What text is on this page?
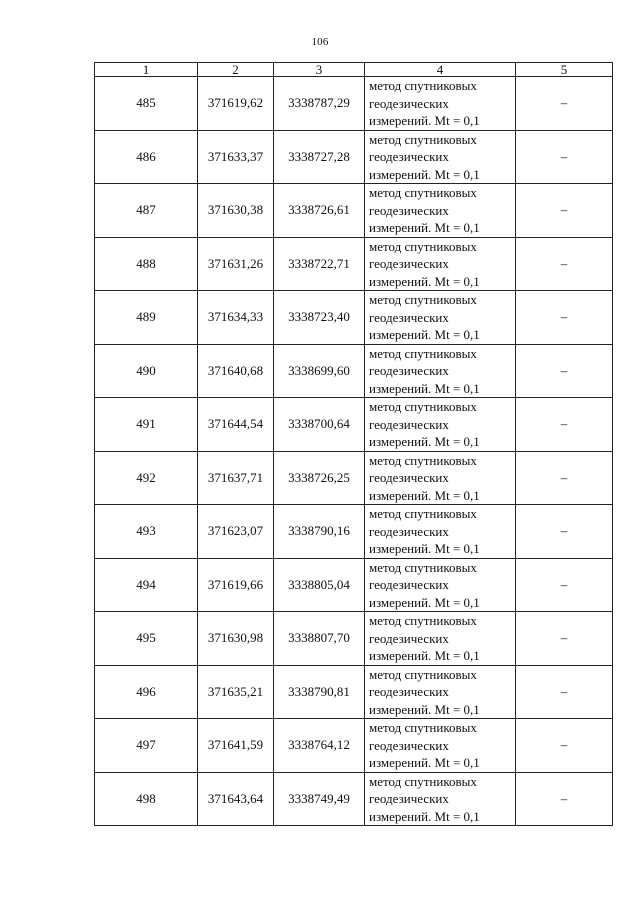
106
1	2	3	4	5
485	371619,62	3338787,29	метод спутниковых
геодезических
измерений. Mt = 0,1	–
486	371633,37	3338727,28	метод спутниковых
геодезических
измерений. Mt = 0,1	–
487	371630,38	3338726,61	метод спутниковых
геодезических
измерений. Mt = 0,1	–
488	371631,26	3338722,71	метод спутниковых
геодезических
измерений. Mt = 0,1	–
489	371634,33	3338723,40	метод спутниковых
геодезических
измерений. Mt = 0,1	–
490	371640,68	3338699,60	метод спутниковых
геодезических
измерений. Mt = 0,1	–
491	371644,54	3338700,64	метод спутниковых
геодезических
измерений. Mt = 0,1	–
492	371637,71	3338726,25	метод спутниковых
геодезических
измерений. Mt = 0,1	–
493	371623,07	3338790,16	метод спутниковых
геодезических
измерений. Mt = 0,1	–
494	371619,66	3338805,04	метод спутниковых
геодезических
измерений. Mt = 0,1	–
495	371630,98	3338807,70	метод спутниковых
геодезических
измерений. Mt = 0,1	–
496	371635,21	3338790,81	метод спутниковых
геодезических
измерений. Mt = 0,1	–
497	371641,59	3338764,12	метод спутниковых
геодезических
измерений. Mt = 0,1	–
498	371643,64	3338749,49	метод спутниковых
геодезических
измерений. Mt = 0,1	–
